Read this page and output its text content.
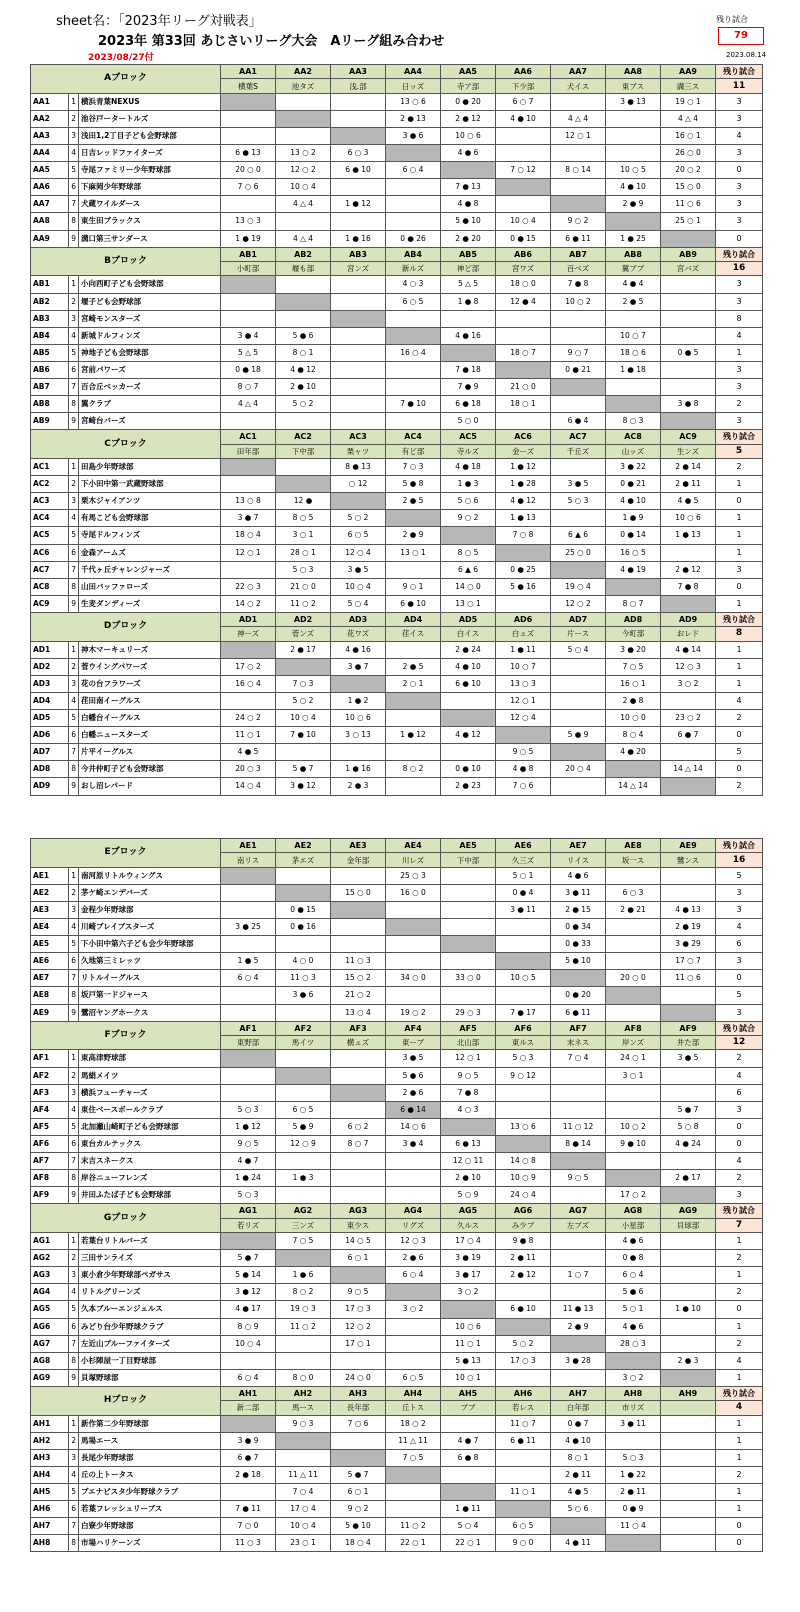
sheet名：「2023年リーグ対戦表」
2023年 第33回 あじさいリーグ大会　Aリーグ組み合わせ
2023/08/27付
残り試合
79
2023.08.14
Aブロック			AA1	AA2	AA3	AA4	AA5	AA6	AA7	AA8	AA9	残り試合
			横葉S	池タズ	浅.部	日ッズ	寺ア部	下少部	犬イス	東ブス	溝三ス	11
AA1	1	横浜青葉NEXUS				13 ○ 6	0 ● 20	6 ○ 7		3 ● 13	19 ○ 1	3
AA2	2	池谷戸ータートルズ				2 ● 13	2 ● 12	4 ● 10	4 △ 4		4 △ 4	3
AA3	3	浅田1,2丁目子ども会野球部				3 ● 6	10 ○ 6		12 ○ 1		16 ○ 1	4
AA4	4	日吉レッドファイターズ	6 ● 13	13 ○ 2	6 ○ 3		4 ● 6				26 ○ 0	3
AA5	5	寺尾ファミリー少年野球部	20 ○ 0	12 ○ 2	6 ● 10	6 ○ 4		7 ○ 12	8 ○ 14	10 ○ 5	20 ○ 2	0
AA6	6	下麻岡少年野球部	7 ○ 6	10 ○ 4			7 ● 13			4 ● 10	15 ○ 0	3
AA7	7	犬蔵ワイルダース		4 △ 4	1 ● 12		4 ● 8			2 ● 9	11 ○ 6	3
AA8	8	東生田ブラックス	13 ○ 3				5 ● 10	10 ○ 4	9 ○ 2		25 ○ 1	3
AA9	9	溝口第三サンダース	1 ● 19	4 △ 4	1 ● 16	0 ● 26	2 ● 20	0 ● 15	6 ● 11	1 ● 25		0
Bブロック			AB1	AB2	AB3	AB4	AB5	AB6	AB7	AB8	AB9	残り試合
			小町部	堰も部	宮ンズ	新ルズ	神ど部	宮ワズ	百ベズ	翼ブブ	宮バズ	16
AB1	1	小向西町子ども会野球部				4 ○ 3	5 △ 5	18 ○ 0	7 ● 8	4 ● 4		3
AB2	2	堰子ども会野球部				6 ○ 5	1 ● 8	12 ● 4	10 ○ 2	2 ● 5		3
AB3	3	宮崎モンスターズ										8
AB4	4	新城ドルフィンズ	3 ● 4	5 ● 6			4 ● 16			10 ○ 7		4
AB5	5	神地子ども会野球部	5 △ 5	8 ○ 1		16 ○ 4		18 ○ 7	9 ○ 7	18 ○ 6	0 ● 5	1
AB6	6	宮前パワーズ	0 ● 18	4 ● 12			7 ● 18		0 ● 21	1 ● 18		3
AB7	7	百合丘ベッカーズ	8 ○ 7	2 ● 10			7 ● 9	21 ○ 0				3
AB8	8	翼クラブ	4 △ 4	5 ○ 2		7 ● 10	6 ● 18	18 ○ 1			3 ● 8	2
AB9	9	宮崎台バーズ					5 ○ 0		6 ● 4	8 ○ 3		3
Cブロック			AC1	AC2	AC3	AC4	AC5	AC6	AC7	AC8	AC9	残り試合
			田年部	下中部	栗ャツ	有ど部	寺ルズ	金ーズ	千丘ズ	山ッズ	生ンズ	5
AC1	1	田島少年野球部			8 ● 13	7 ○ 3	4 ● 18	1 ● 12		3 ● 22	2 ● 14	2
AC2	2	下小田中第一武蔵野球部			○ 12	5 ● 8	1 ● 3	1 ● 28	3 ● 5	0 ● 21	2 ● 11	1
AC3	3	栗木ジャイアンツ	13 ○ 8	12 ●		2 ● 5	5 ○ 6	4 ● 12	5 ○ 3	4 ● 10	4 ● 5	0
AC4	4	有馬こども会野球部	3 ● 7	8 ○ 5	5 ○ 2		9 ○ 2	1 ● 13		1 ● 9	10 ○ 6	1
AC5	5	寺尾ドルフィンズ	18 ○ 4	3 ○ 1	6 ○ 5	2 ● 9		7 ○ 8	6 ▲ 6	0 ● 14	1 ● 13	1
AC6	6	金森アームズ	12 ○ 1	28 ○ 1	12 ○ 4	13 ○ 1	8 ○ 5		25 ○ 0	16 ○ 5		1
AC7	7	千代ヶ丘チャレンジャーズ		5 ○ 3	3 ● 5		6 ▲ 6	0 ● 25		4 ● 19	2 ● 12	3
AC8	8	山田バッファローズ	22 ○ 3	21 ○ 0	10 ○ 4	9 ○ 1	14 ○ 0	5 ● 16	19 ○ 4		7 ● 8	0
AC9	9	生麦ダンディーズ	14 ○ 2	11 ○ 2	5 ○ 4	6 ● 10	13 ○ 1		12 ○ 2	8 ○ 7		1
Dブロック			AD1	AD2	AD3	AD4	AD5	AD6	AD7	AD8	AD9	残り試合
			神ーズ	菅ンズ	花ワズ	荏イス	白イス	白ュズ	片ース	今町部	おレド	8
AD1	1	神木マーキュリーズ		2 ● 17	4 ● 16		2 ● 24	1 ● 11	5 ○ 4	3 ● 20	4 ● 14	1
AD2	2	菅ウイングパワーズ	17 ○ 2		3 ● 7	2 ● 5	4 ● 10	10 ○ 7		7 ○ 5	12 ○ 3	1
AD3	3	花の台フラワーズ	16 ○ 4	7 ○ 3		2 ○ 1	6 ● 10	13 ○ 3		16 ○ 1	3 ○ 2	1
AD4	4	荏田南イーグルス		5 ○ 2	1 ● 2			12 ○ 1		2 ● 8		4
AD5	5	白幡台イーグルス	24 ○ 2	10 ○ 4	10 ○ 6			12 ○ 4		10 ○ 0	23 ○ 2	2
AD6	6	白幡ニュースターズ	11 ○ 1	7 ● 10	3 ○ 13	1 ● 12	4 ● 12		5 ● 9	8 ○ 4	6 ● 7	0
AD7	7	片平イーグルス	4 ● 5					9 ○ 5		4 ● 20		5
AD8	8	今井仲町子ども会野球部	20 ○ 3	5 ● 7	1 ● 16	8 ○ 2	0 ● 10	4 ● 8	20 ○ 4		14 △ 14	0
AD9	9	おし沼レパード	14 ○ 4	3 ● 12	2 ● 3		2 ● 23	7 ○ 6		14 △ 14		2
Eブロック			AE1	AE2	AE3	AE4	AE5	AE6	AE7	AE8	AE9	残り試合
			南リス	茅エズ	金年部	川レズ	下中部	久三ズ	リイス	坂一ス	鷺ンス	16
AE1	1	南河原リトルウィングス				25 ○ 3		5 ○ 1	4 ● 6			5
AE2	2	茅ケ崎エンデバーズ			15 ○ 0	16 ○ 0		0 ● 4	3 ● 11	6 ○ 3		3
AE3	3	金程少年野球部		0 ● 15				3 ● 11	2 ● 15	2 ● 21	4 ● 13	3
AE4	4	川崎ブレイブスターズ	3 ● 25	0 ● 16					0 ● 34		2 ● 19	4
AE5	5	下小田中第六子ども会少年野球部							0 ● 33		3 ● 29	6
AE6	6	久地第三ミレッツ	1 ● 5	4 ○ 0	11 ○ 3				5 ● 10		17 ○ 7	3
AE7	7	リトルイーグルス	6 ○ 4	11 ○ 3	15 ○ 2	34 ○ 0	33 ○ 0	10 ○ 5		20 ○ 0	11 ○ 6	0
AE8	8	坂戸第一ドジャース		3 ● 6	21 ○ 2				0 ● 20			5
AE9	9	鷺沼ヤングホークス			13 ○ 4	19 ○ 2	29 ○ 3	7 ● 17	6 ● 11			3
Fブロック			AF1	AF2	AF3	AF4	AF5	AF6	AF7	AF8	AF9	残り試合
			東野部	馬イツ	横ュズ	東ーブ	北山部	東ルス	末ネス	岸ンズ	井た部	12
AF1	1	東高津野球部				3 ● 5	12 ○ 1	5 ○ 3	7 ○ 4	24 ○ 1	3 ● 5	2
AF2	2	馬絹メイツ				5 ● 6	9 ○ 5	9 ○ 12		3 ○ 1		4
AF3	3	横浜フューチャーズ				2 ● 6	7 ● 8					6
AF4	4	東住ベースボールクラブ	5 ○ 3	6 ○ 5		6 ● 14	4 ○ 3				5 ● 7	3
AF5	5	北加瀬山崎町子ども会野球部	1 ● 12	5 ● 9	6 ○ 2	14 ○ 6		13 ○ 6	11 ○ 12	10 ○ 2	5 ○ 8	0
AF6	6	東台カルテックス	9 ○ 5	12 ○ 9	8 ○ 7	3 ● 4	6 ● 13		8 ● 14	9 ● 10	4 ● 24	0
AF7	7	末吉スネークス	4 ● 7				12 ○ 11	14 ○ 8				4
AF8	8	岸谷ニューフレンズ	1 ● 24	1 ● 3			2 ● 10	10 ○ 9	9 ○ 5		2 ● 17	2
AF9	9	井田ふたば子ども会野球部	5 ○ 3				5 ○ 9	24 ○ 4		17 ○ 2		3
Gブロック			AG1	AG2	AG3	AG4	AG5	AG6	AG7	AG8	AG9	残り試合
			若リズ	三ンズ	東少ス	リグズ	久ルス	み少ブ	左ブズ	小星部	貝球部	7
AG1	1	若葉台リトルバーズ		7 ○ 5	14 ○ 5	12 ○ 3	17 ○ 4	9 ● 8		4 ● 6		1
AG2	2	三田サンライズ	5 ● 7		6 ○ 1	2 ● 6	3 ● 19	2 ● 11		0 ● 8		2
AG3	3	東小倉少年野球部ペガサス	5 ● 14	1 ● 6		6 ○ 4	3 ● 17	2 ● 12	1 ○ 7	6 ○ 4		1
AG4	4	リトルグリーンズ	3 ● 12	8 ○ 2	9 ○ 5		3 ○ 2			5 ● 6		2
AG5	5	久本ブルーエンジェルス	4 ● 17	19 ○ 3	17 ○ 3	3 ○ 2		6 ● 10	11 ● 13	5 ○ 1	1 ● 10	0
AG6	6	みどり台少年野球クラブ	8 ○ 9	11 ○ 2	12 ○ 2		10 ○ 6		2 ● 9	4 ● 6		1
AG7	7	左近山ブルーファイターズ	10 ○ 4		17 ○ 1		11 ○ 1	5 ○ 2		28 ○ 3		2
AG8	8	小杉陣屋一丁目野球部					5 ● 13	17 ○ 3	3 ● 28		2 ● 3	4
AG9	9	貝塚野球部	6 ○ 4	8 ○ 0	24 ○ 0	6 ○ 5	10 ○ 1			3 ○ 2		1
Hブロック			AH1	AH2	AH3	AH4	AH5	AH6	AH7	AH8	AH9	残り試合
			新二部	馬ース	長年部	丘トス	ブブ	若レス	白年部	市リズ		4
AH1	1	新作第二少年野球部		9 ○ 3	7 ○ 6	18 ○ 2		11 ○ 7	0 ● 7	3 ● 11		1
AH2	2	馬場エース	3 ● 9			11 △ 11	4 ● 7	6 ● 11	4 ● 10			1
AH3	3	長尾少年野球部	6 ● 7			7 ○ 5	6 ● 8		8 ○ 1	5 ○ 3		1
AH4	4	丘の上トータス	2 ● 18	11 △ 11	5 ● 7				2 ● 11	1 ● 22		2
AH5	5	ブエナビスタ少年野球クラブ		7 ○ 4	6 ○ 1			11 ○ 1	4 ● 5	2 ● 11		1
AH6	6	若葉フレッシュリーブス	7 ● 11	17 ○ 4	9 ○ 2		1 ● 11		5 ○ 6	0 ● 9		1
AH7	7	白寮少年野球部	7 ○ 0	10 ○ 4	5 ● 10	11 ○ 2	5 ○ 4	6 ○ 5		11 ○ 4		0
AH8	8	市場ハリケーンズ	11 ○ 3	23 ○ 1	18 ○ 4	22 ○ 1	22 ○ 1	9 ○ 0	4 ● 11			0
